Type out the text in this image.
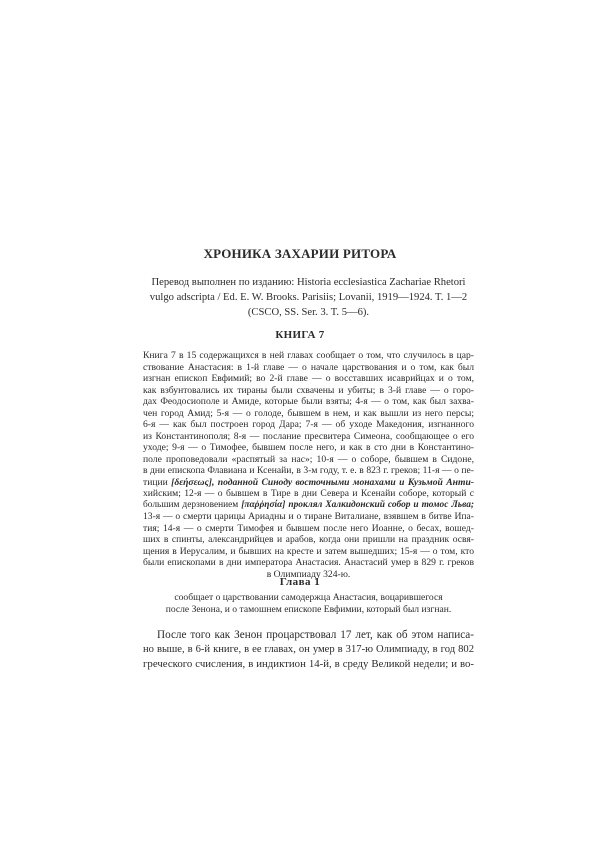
ХРОНИКА ЗАХАРИИ РИТОРА
Перевод выполнен по изданию: Historia ecclesiastica Zachariae Rhetori
vulgo adscripta / Ed. E. W. Brooks. Parisiis; Lovanii, 1919—1924. T. 1—2
(CSCO, SS. Ser. 3. T. 5—6).
КНИГА 7
Книга 7 в 15 содержащихся в ней главах сообщает о том, что случилось в цар-
ствование Анастасия: в 1-й главе — о начале царствования и о том, как был
изгнан епископ Евфимий; во 2-й главе — о восставших исаврийцах и о том,
как взбунтовались их тираны были схвачены и убиты; в 3-й главе — о горо-
дах Феодосиополе и Амиде, которые были взяты; 4-я — о том, как был захва-
чен город Амид; 5-я — о голоде, бывшем в нем, и как вышли из него персы;
6-я — как был построен город Дара; 7-я — об уходе Македония, изгнанного
из Константинополя; 8-я — послание пресвитера Симеона, сообщающее о его
уходе; 9-я — о Тимофее, бывшем после него, и как в сто дни в Константино-
поле проповедовали «распятый за нас»; 10-я — о соборе, бывшем в Сидоне,
в дни епископа Флавиана и Ксенайи, в 3-м году, т. е. в 823 г. греков; 11-я — о пе-
тиции [δεήσεως], поданной Синоду восточными монахами и Кузьмой Анти-
хийским; 12-я — о бывшем в Тире в дни Севера и Ксенайи соборе, который с
большим дерзновением [παῤῥησία] проклял Халкидонский собор и томос Льва;
13-я — о смерти царицы Ариадны и о тиране Виталиане, взявшем в битве Ипа-
тия; 14-я — о смерти Тимофея и бывшем после него Иоанне, о бесах, вошед-
ших в спинты, александрийцев и арабов, когда они пришли на праздник освя-
щения в Иерусалим, и бывших на кресте и затем вышедших; 15-я — о том, кто
были епископами в дни императора Анастасия. Анастасий умер в 829 г. греков
в Олимпиаду 324-ю.
Глава 1
сообщает о царствовании самодержца Анастасия, воцарившегося
после Зенона, и о тамошнем епископе Евфимии, который был изгнан.
После того как Зенон процарствовал 17 лет, как об этом написа-
но выше, в 6-й книге, в ее главах, он умер в 317-ю Олимпиаду, в год 802
греческого счисления, в индиктион 14-й, в среду Великой недели; и во-
